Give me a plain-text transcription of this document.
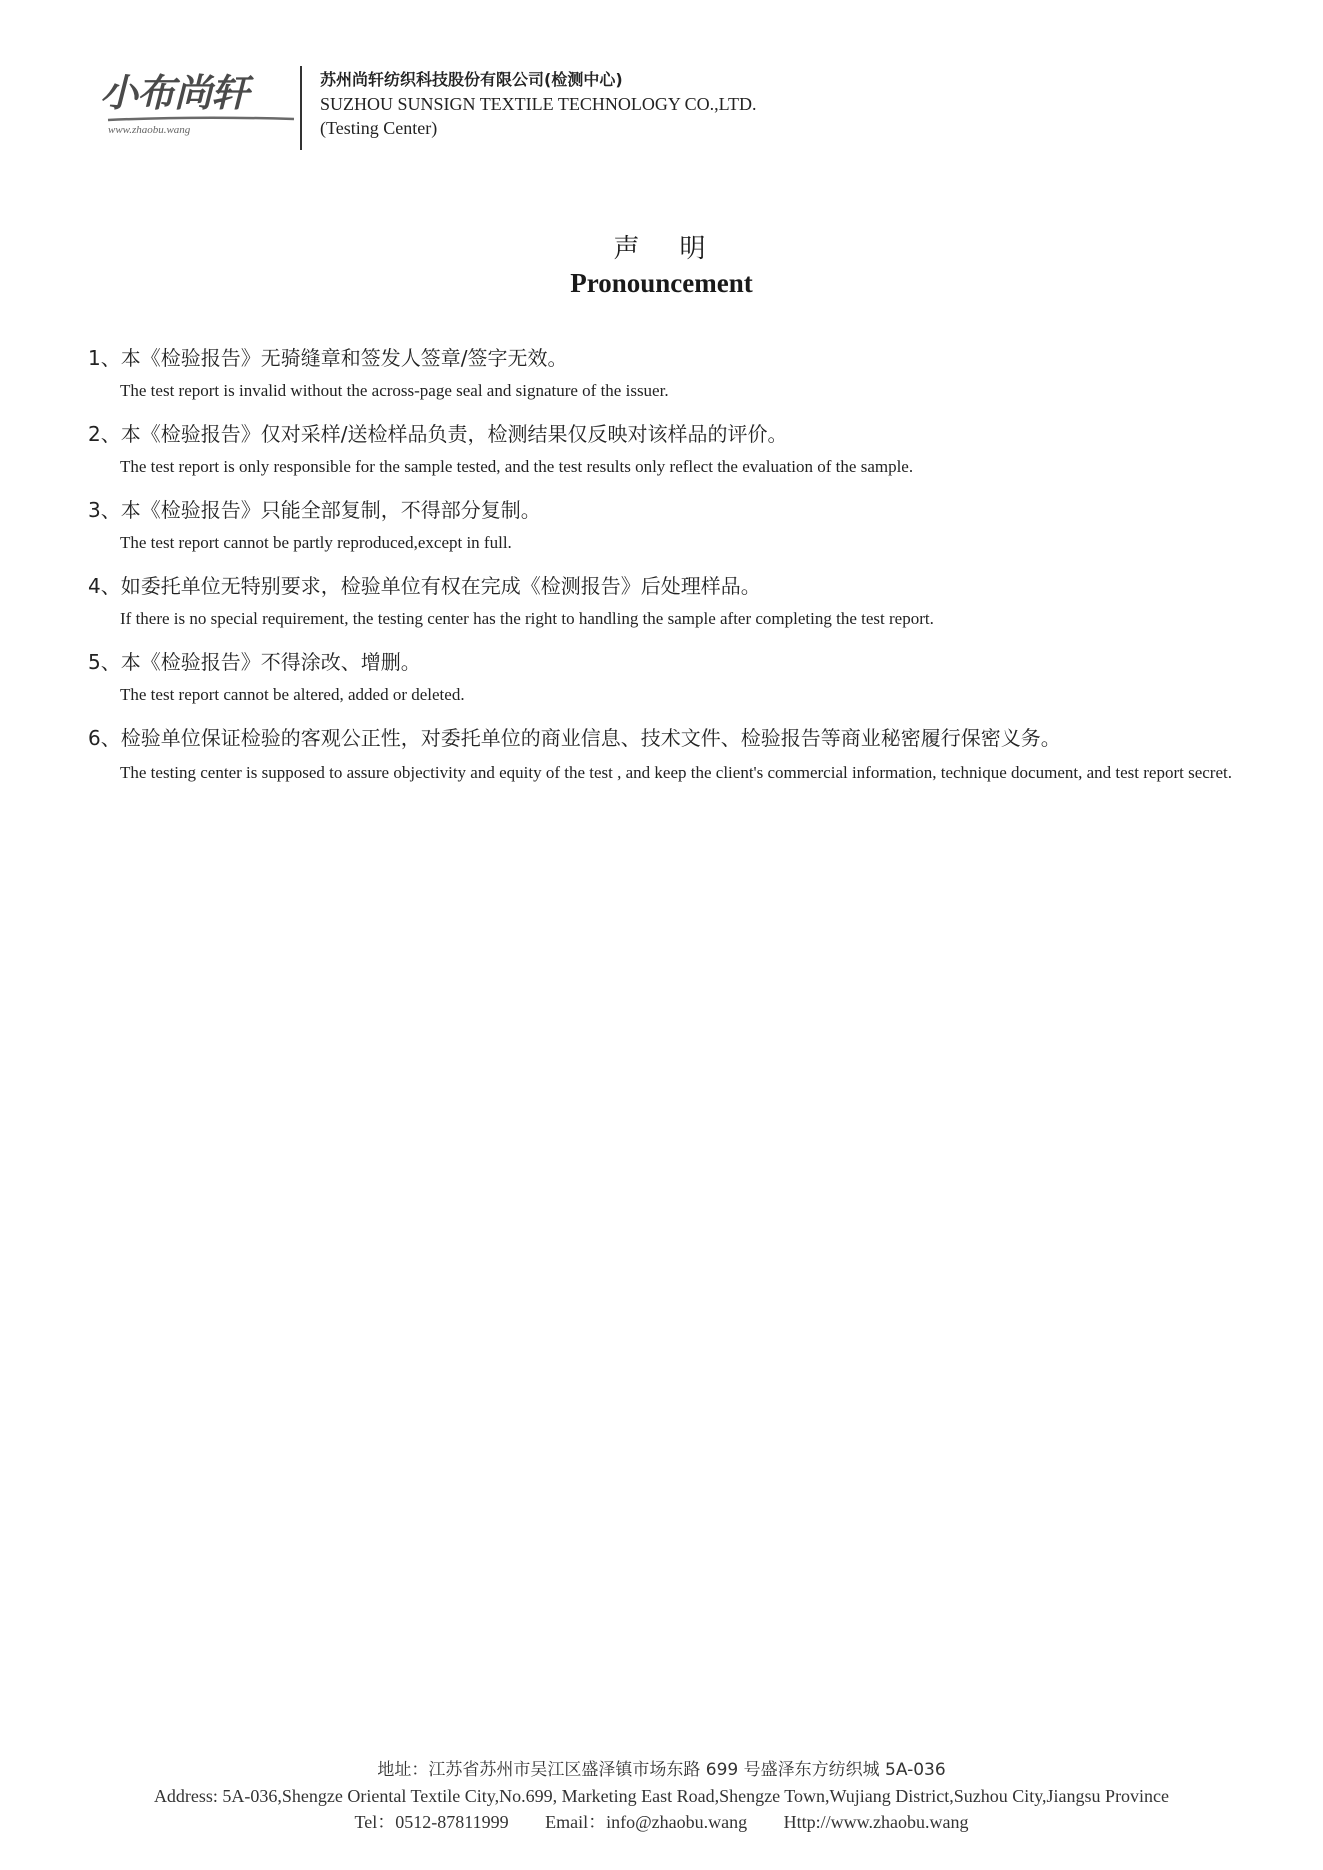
小布尚轩
www.zhaobu.wang
苏州尚轩纺织科技股份有限公司(检测中心)
SUZHOU SUNSIGN TEXTILE TECHNOLOGY CO.,LTD.
(Testing Center)
声明
Pronouncement
1、本《检验报告》无骑缝章和签发人签章/签字无效。
The test report is invalid without the across-page seal and signature of the issuer.
2、本《检验报告》仅对采样/送检样品负责，检测结果仅反映对该样品的评价。
The test report is only responsible for the sample tested, and the test results only reflect the evaluation of the sample.
3、本《检验报告》只能全部复制，不得部分复制。
The test report cannot be partly reproduced,except in full.
4、如委托单位无特别要求，检验单位有权在完成《检测报告》后处理样品。
If there is no special requirement, the testing center has the right to handling the sample after completing the test report.
5、本《检验报告》不得涂改、增删。
The test report cannot be altered, added or deleted.
6、检验单位保证检验的客观公正性，对委托单位的商业信息、技术文件、检验报告等商业秘密履行保密义务。
The testing center is supposed to assure objectivity and equity of the test , and keep the client's commercial information, technique document, and test report secret.
地址：江苏省苏州市吴江区盛泽镇市场东路 699 号盛泽东方纺织城 5A-036
Address: 5A-036,Shengze Oriental Textile City,No.699, Marketing East Road,Shengze Town,Wujiang District,Suzhou City,Jiangsu Province
Tel：0512-87811999 Email：info@zhaobu.wang Http://www.zhaobu.wang
